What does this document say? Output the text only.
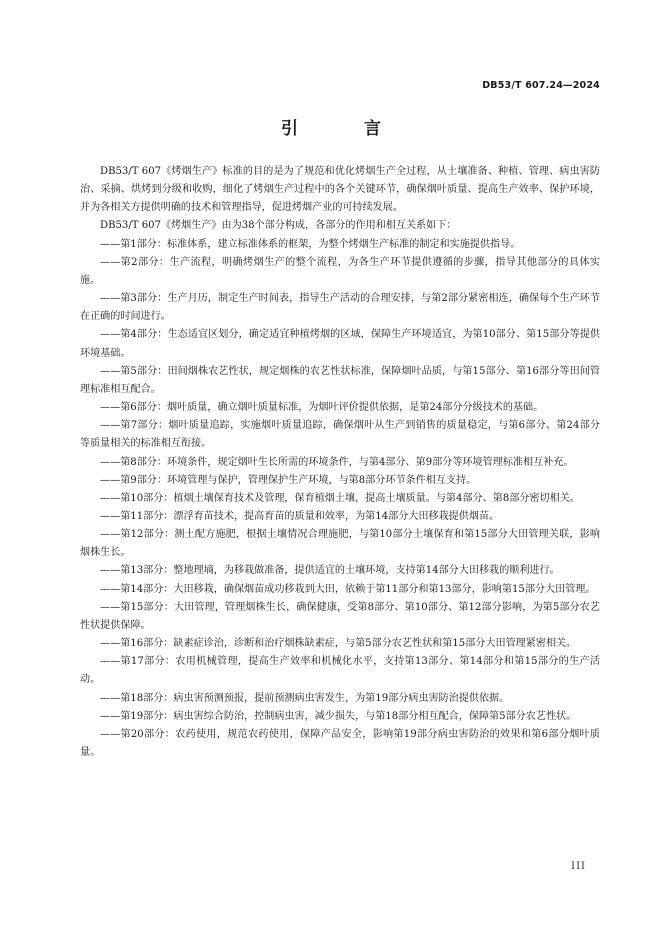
DB53/T 607.24—2024
引 言

DB53/T 607《烤烟生产》标准的目的是为了规范和优化烤烟生产全过程，从土壤准备、种植、管理、病虫害防治、采摘、烘烤到分级和收购，细化了烤烟生产过程中的各个关键环节，确保烟叶质量、提高生产效率、保护环境，并为各相关方提供明确的技术和管理指导，促进烤烟产业的可持续发展。

DB53/T 607《烤烟生产》由为38个部分构成，各部分的作用和相互关系如下：

——第1部分：标准体系，建立标准体系的框架，为整个烤烟生产标准的制定和实施提供指导。

——第2部分：生产流程，明确烤烟生产的整个流程，为各生产环节提供遵循的步骤，指导其他部分的具体实施。

——第3部分：生产月历，制定生产时间表，指导生产活动的合理安排，与第2部分紧密相连，确保每个生产环节在正确的时间进行。

——第4部分：生态适宜区划分，确定适宜种植烤烟的区域，保障生产环境适宜，为第10部分、第15部分等提供环境基础。

——第5部分：田间烟株农艺性状，规定烟株的农艺性状标准，保障烟叶品质，与第15部分、第16部分等田间管理标准相互配合。

——第6部分：烟叶质量，确立烟叶质量标准，为烟叶评价提供依据，是第24部分分级技术的基础。

——第7部分：烟叶质量追踪，实施烟叶质量追踪，确保烟叶从生产到销售的质量稳定，与第6部分、第24部分等质量相关的标准相互衔接。

——第8部分：环境条件，规定烟叶生长所需的环境条件，与第4部分、第9部分等环境管理标准相互补充。

——第9部分：环境管理与保护，管理保护生产环境，与第8部分环节条件相互支持。

——第10部分：植烟土壤保育技术及管理，保育植烟土壤，提高土壤质量。与第4部分、第8部分密切相关。

——第11部分：漂浮育苗技术，提高育苗的质量和效率，为第14部分大田移栽提供烟苗。

——第12部分：测土配方施肥，根据土壤情况合理施肥，与第10部分土壤保育和第15部分大田管理关联，影响烟株生长。

——第13部分：整地理墒，为移栽做准备，提供适宜的土壤环境，支持第14部分大田移栽的顺利进行。

——第14部分：大田移栽，确保烟苗成功移栽到大田，依赖于第11部分和第13部分，影响第15部分大田管理。

——第15部分：大田管理，管理烟株生长，确保健康，受第8部分、第10部分、第12部分影响，为第5部分农艺性状提供保障。

——第16部分：缺素症诊治，诊断和治疗烟株缺素症，与第5部分农艺性状和第15部分大田管理紧密相关。

——第17部分：农用机械管理，提高生产效率和机械化水平，支持第13部分、第14部分和第15部分的生产活动。

——第18部分：病虫害预测预报，提前预测病虫害发生，为第19部分病虫害防治提供依据。

——第19部分：病虫害综合防治，控制病虫害，减少损失，与第18部分相互配合，保障第5部分农艺性状。

——第20部分：农药使用，规范农药使用，保障产品安全，影响第19部分病虫害防治的效果和第6部分烟叶质量。

III
